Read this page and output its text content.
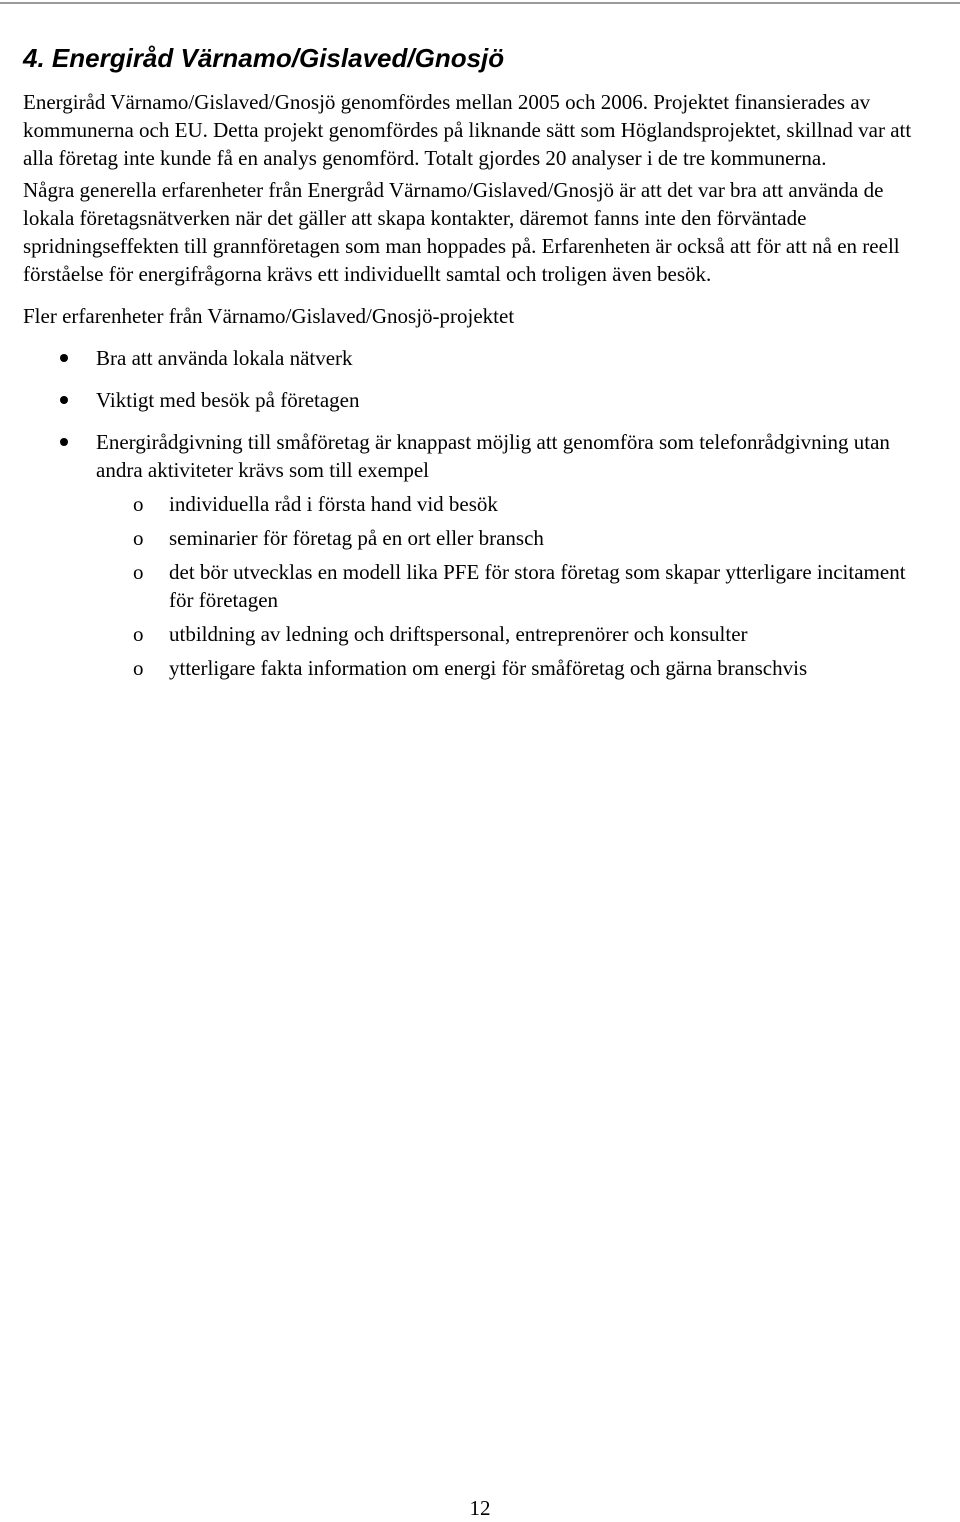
4. Energiråd Värnamo/Gislaved/Gnosjö

Energiråd Värnamo/Gislaved/Gnosjö genomfördes mellan 2005 och 2006. Projektet finansierades av kommunerna och EU. Detta projekt genomfördes på liknande sätt som Höglandsprojektet, skillnad var att alla företag inte kunde få en analys genomförd. Totalt gjordes 20 analyser i de tre kommunerna.

Några generella erfarenheter från Energråd Värnamo/Gislaved/Gnosjö är att det var bra att använda de lokala företagsnätverken när det gäller att skapa kontakter, däremot fanns inte den förväntade spridningseffekten till grannföretagen som man hoppades på. Erfarenheten är också att för att nå en reell förståelse för energifrågorna krävs ett individuellt samtal och troligen även besök.

Fler erfarenheter från Värnamo/Gislaved/Gnosjö-projektet

Bra att använda lokala nätverk
Viktigt med besök på företagen
Energirådgivning till småföretag är knappast möjlig att genomföra som telefonrådgivning utan andra aktiviteter krävs som till exempel
o	individuella råd i första hand vid besök
o	seminarier för företag på en ort eller bransch
o	det bör utvecklas en modell lika PFE för stora företag som skapar ytterligare incitament för företagen
o	utbildning av ledning och driftspersonal, entreprenörer och konsulter
o	ytterligare fakta information om energi för småföretag och gärna branschvis
12
